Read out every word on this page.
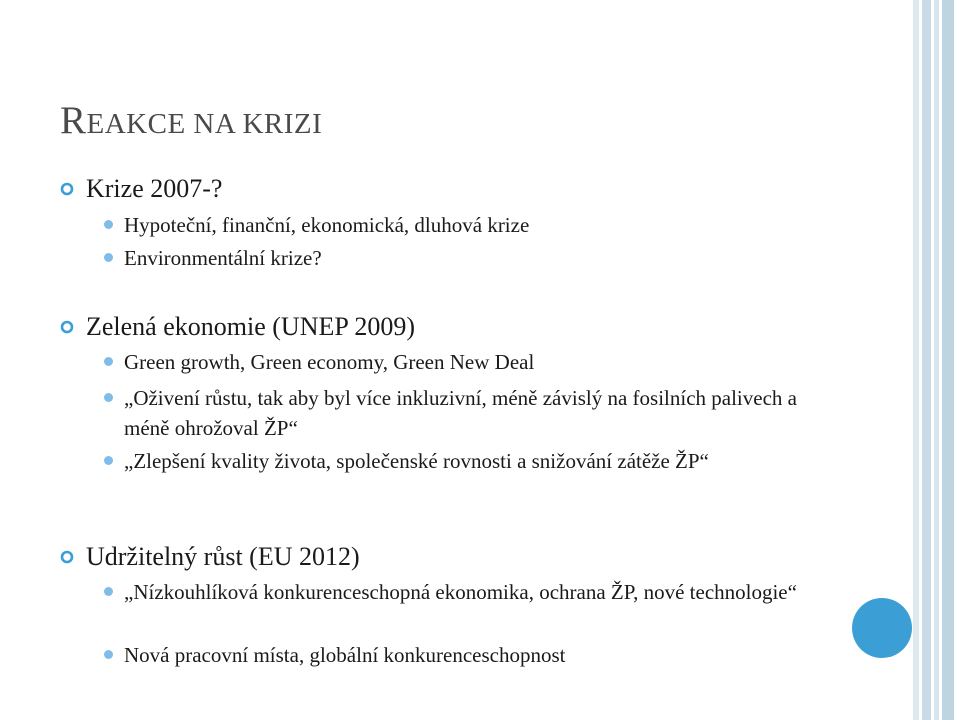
REAKCE NA KRIZI
Krize 2007-?
Hypoteční, finanční, ekonomická, dluhová krize
Environmentální krize?
Zelená ekonomie (UNEP 2009)
Green growth, Green economy, Green New Deal
„Oživení růstu, tak aby byl více inkluzivní, méně závislý na fosilních palivech a méně ohrožoval ŽP“
„Zlepšení kvality života, společenské rovnosti a snižování zátěže ŽP“
Udržitelný růst (EU 2012)
„Nízkouhlíková konkurenceschopná ekonomika, ochrana ŽP, nové technologie“
Nová pracovní místa, globální konkurenceschopnost
